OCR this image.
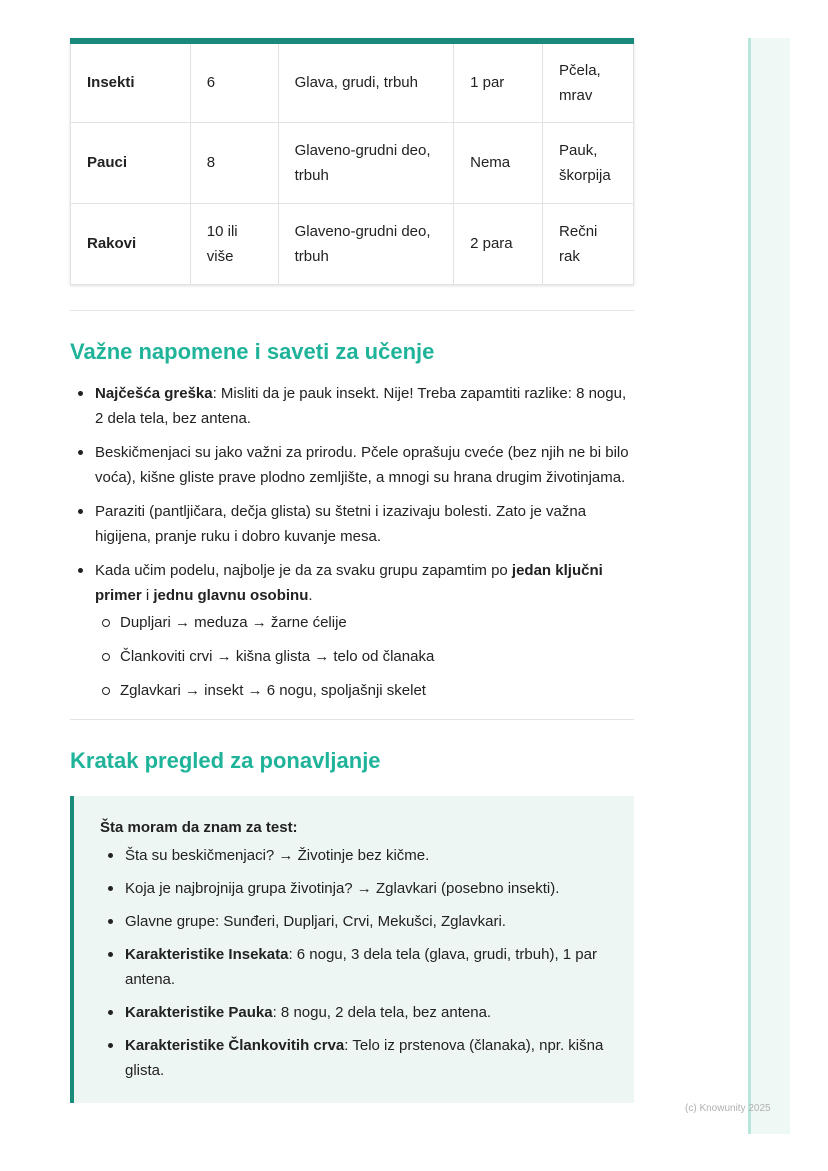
Insekti	6	Glava, grudi, trbuh	1 par	Pčela, mrav
Pauci	8	Glaveno-grudni deo, trbuh	Nema	Pauk, škorpija
Rakovi	10 ili više	Glaveno-grudni deo, trbuh	2 para	Rečni rak
Važne napomene i saveti za učenje
Najčešća greška: Misliti da je pauk insekt. Nije! Treba zapamtiti razlike: 8 nogu, 2 dela tela, bez antena.
Beskičmenjaci su jako važni za prirodu. Pčele oprašuju cveće (bez njih ne bi bilo voća), kišne gliste prave plodno zemljište, a mnogi su hrana drugim životinjama.
Paraziti (pantljičara, dečja glista) su štetni i izazivaju bolesti. Zato je važna higijena, pranje ruku i dobro kuvanje mesa.
Kada učim podelu, najbolje je da za svaku grupu zapamtim po jedan ključni primer i jednu glavnu osobinu.
Dupljari → meduza → žarne ćelije
Člankoviti crvi → kišna glista → telo od članaka
Zglavkari → insekt → 6 nogu, spoljašnji skelet
Kratak pregled za ponavljanje
Šta moram da znam za test:
Šta su beskičmenjaci? → Životinje bez kičme.
Koja je najbrojnija grupa životinja? → Zglavkari (posebno insekti).
Glavne grupe: Sunđeri, Dupljari, Crvi, Mekušci, Zglavkari.
Karakteristike Insekata: 6 nogu, 3 dela tela (glava, grudi, trbuh), 1 par antena.
Karakteristike Pauka: 8 nogu, 2 dela tela, bez antena.
Karakteristike Člankovitih crva: Telo iz prstenova (članaka), npr. kišna glista.
(c) Knowunity 2025
